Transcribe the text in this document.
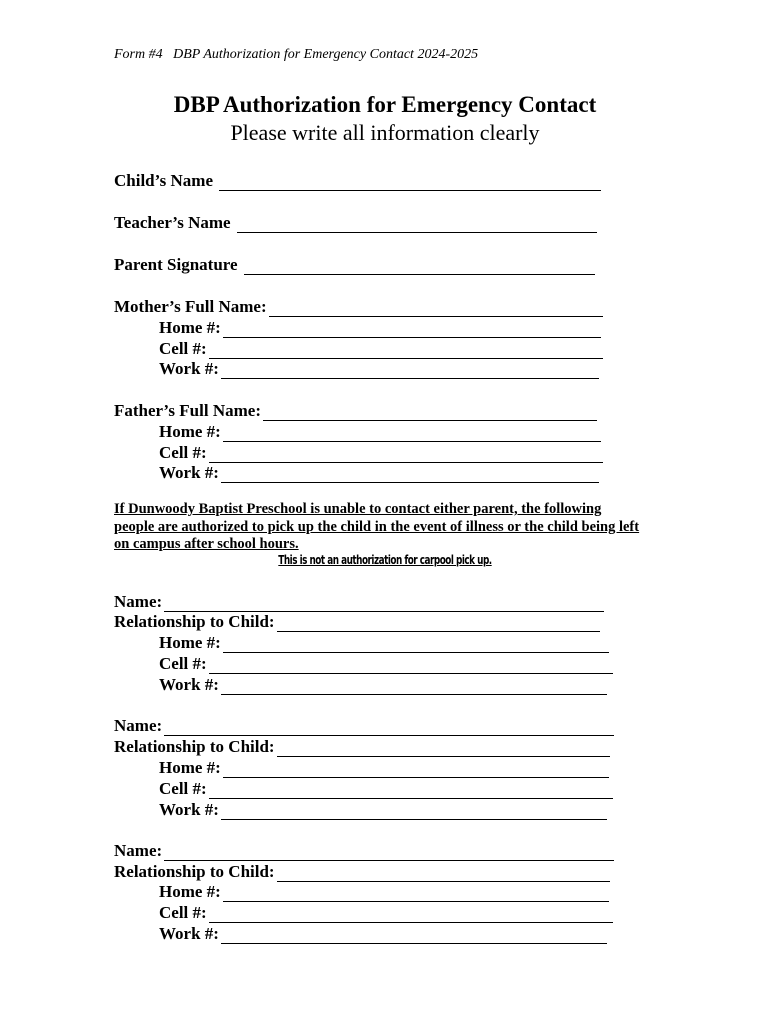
Form #4   DBP Authorization for Emergency Contact 2024-2025
DBP Authorization for Emergency Contact
Please write all information clearly
Child’s Name
Teacher’s Name
Parent Signature
Mother’s Full Name:
Home #:
Cell #:
Work #:
Father’s Full Name:
Home #:
Cell #:
Work #:
If Dunwoody Baptist Preschool is unable to contact either parent, the following people are authorized to pick up the child in the event of illness or the child being left on campus after school hours.
This is not an authorization for carpool pick up.
Name:
Relationship to Child:
Home #:
Cell #:
Work #:
Name:
Relationship to Child:
Home #:
Cell #:
Work #:
Name:
Relationship to Child:
Home #:
Cell #:
Work #:
